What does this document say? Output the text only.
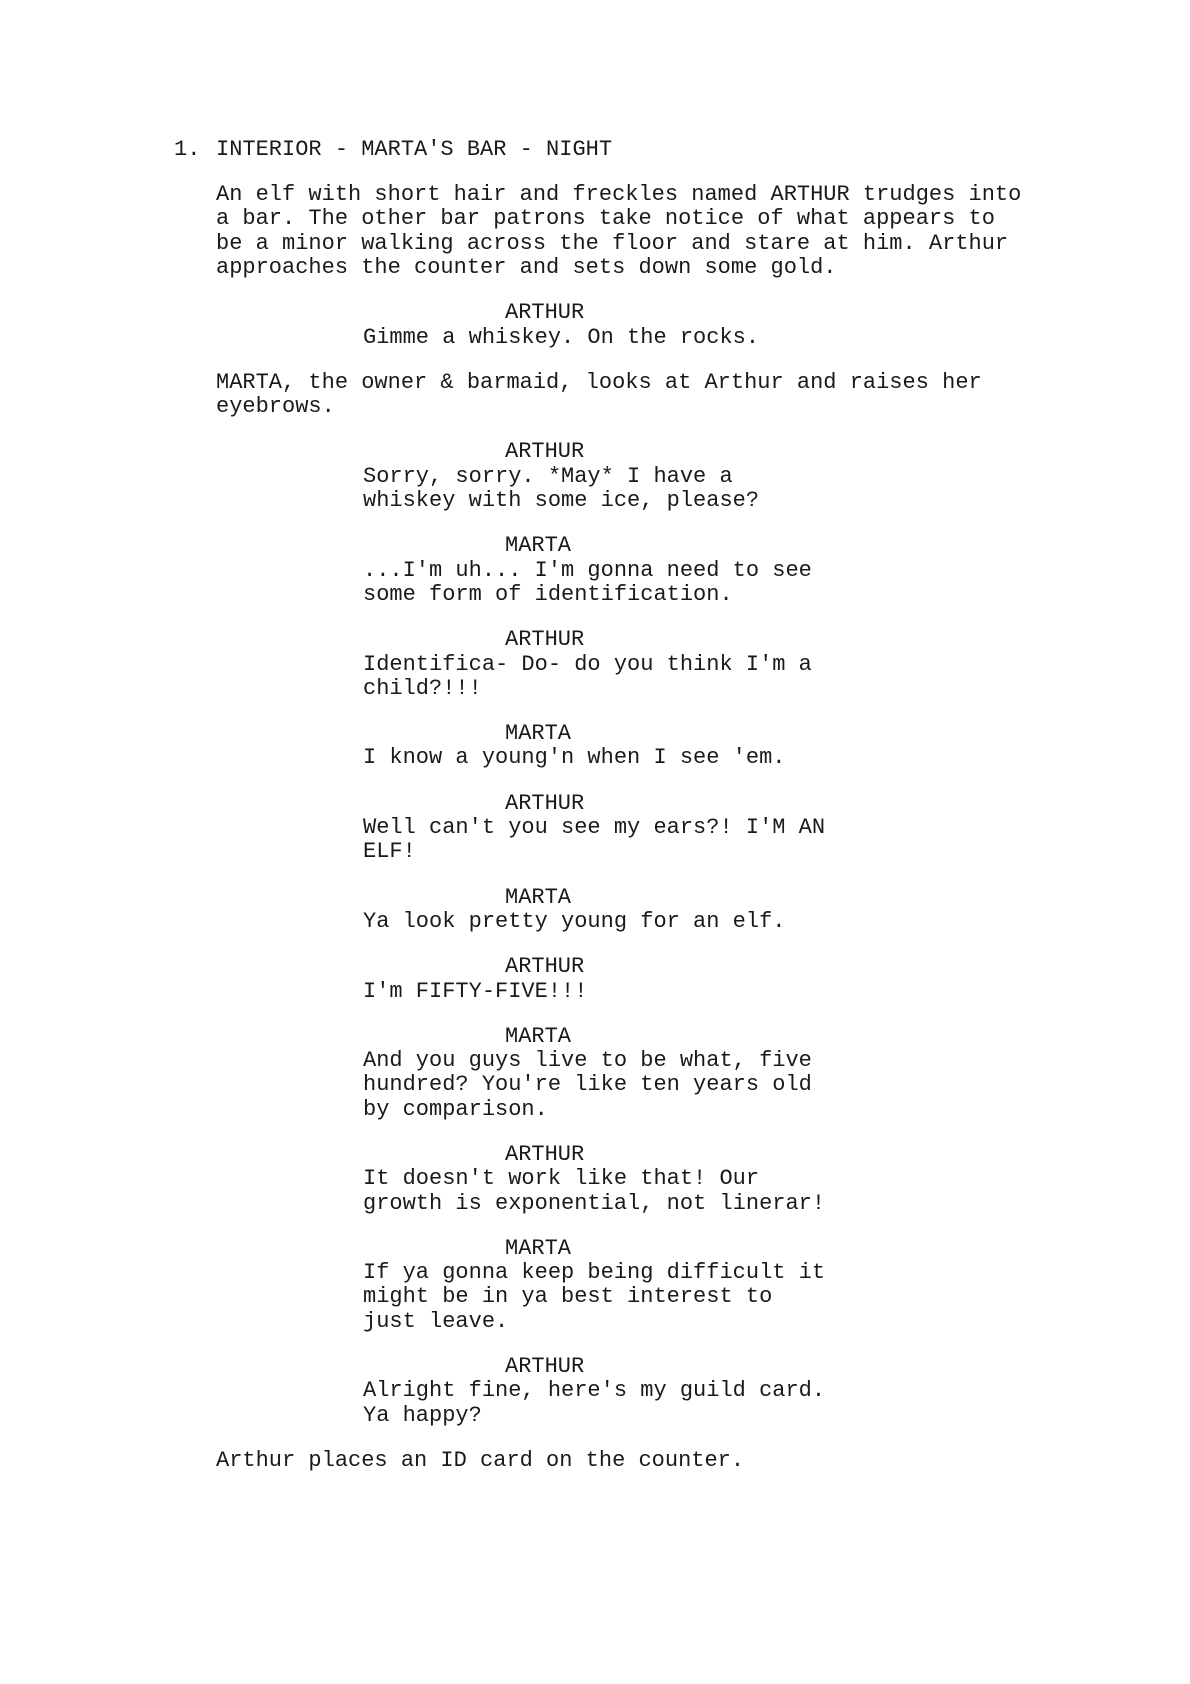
1. INTERIOR - MARTA'S BAR - NIGHT
An elf with short hair and freckles named ARTHUR trudges into
a bar. The other bar patrons take notice of what appears to
be a minor walking across the floor and stare at him. Arthur
approaches the counter and sets down some gold.
ARTHUR
Gimme a whiskey. On the rocks.
MARTA, the owner & barmaid, looks at Arthur and raises her
eyebrows.
ARTHUR
Sorry, sorry. *May* I have a
whiskey with some ice, please?
MARTA
...I'm uh... I'm gonna need to see
some form of identification.
ARTHUR
Identifica- Do- do you think I'm a
child?!!!
MARTA
I know a young'n when I see 'em.
ARTHUR
Well can't you see my ears?! I'M AN
ELF!
MARTA
Ya look pretty young for an elf.
ARTHUR
I'm FIFTY-FIVE!!!
MARTA
And you guys live to be what, five
hundred? You're like ten years old
by comparison.
ARTHUR
It doesn't work like that! Our
growth is exponential, not linerar!
MARTA
If ya gonna keep being difficult it
might be in ya best interest to
just leave.
ARTHUR
Alright fine, here's my guild card.
Ya happy?
Arthur places an ID card on the counter.
